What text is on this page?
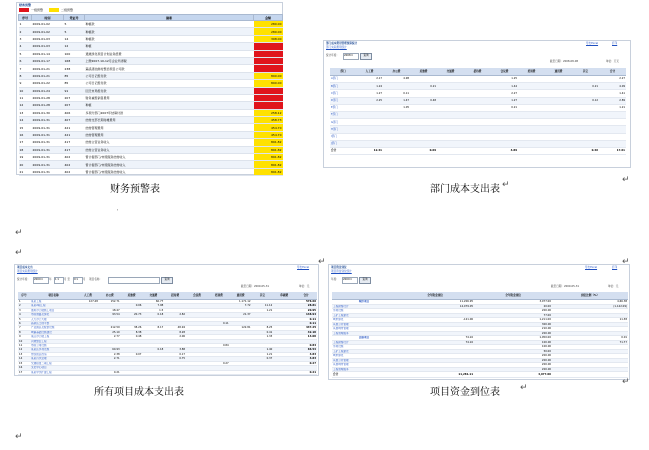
财务预警
一级预警	二级预警
序号	时间	凭证号	摘要	金额
1	2009-01-02	5	种植款	280.00
2	2009-01-02	5	种植款	280.00
3	2009-01-03	14	种植款	398.00
4	2009-01-03	12	种植	
5	2009-01-14	100	通道绿化项目计划业务经费	
6	2009-01-17	168	上缴2007.10-12月企业所得税	
7	2009-01-21	238	慈溪清池港村整治项目公司款	
8	2009-01-21	85	公司日记组付款	890.00
9	2009-01-22	85	公司日记组付款	890.00
10	2009-01-24	91	回迁市局组付款	
11	2009-01-28	207	财务重组销售费用	
12	2009-01-28	207	种植	
13	2009-01-30	406	多项分部门2007年结算付款	258.12
14	2009-01-31	407	结转支部长期待摊费用	458.73
15	2009-01-31	421	结转管理费用	454.70
16	2009-01-31	421	结转管理费用	454.70
17	2009-01-31	417	结转主营业务收入	891.82
18	2009-01-31	417	结转主营业务收入	891.82
19	2009-01-31	402	暂计提部门/市级服务结转收入	891.82
20	2009-01-31	402	暂计提部门/市级服务结转收入	891.82
21	2009-01-31	402	暂计提部门/市级服务结转收入	891.82
部门成本费用管理预算统计
部门实际费用统计
导出Excel	打印
统计年度：	2008 ▾	查询
截至日期：2008-08-08	单位：万元
部门	人工费	办公费	差旅费	交通费	招待费	会议费	培训费	通讯费	其它	合计
A部门	2.17	4.98				1.25				2.27
B部门	1.24		0.21			1.44			0.21	4.09
C部门	1.27	0.11				2.27				1.41
D部门	2.25	1.47	0.48			1.27			0.12	2.89
E部门		1.05				0.21				1.21
F部门										
G部门										
H部门										
I部门										
J部门										
合计	12.41		0.69			4.89			0.46	17.61
项目成本支出
项目实际费用统计
导出Excel
统计年度：	2009 ▾	年	1 ▾	月 至	9 ▾	月 项目名称：	查询
截至日期：2009-05-31	单位：元
序号	项目名称	人工费	办公费	差旅费	交通费	招待费	会议费	培训费	通讯费	其它	印刷费	合计
1	某某工程	127.48	152.71		60.77				1,171.12			576.60
2	某某2期工程			0.06	7.98				7.72	11.12		28.81
3	通用办公楼施工项目		18.47		1.5					1.21		20.95
4	市政道路及绿化		93.54	20.73	0.18	2.82			21.37			148.94
5	人大办公大楼											0.11
6	高新区土地平整							0.11				0.11
7	产业园区及配套设施		212.59	38.26	8.17	48.94			122.81	8.25		447.25
8	城镇基础设施建设		25.10	8.38		8.28				0.41		42.18
9	某区办公楼工程		2.77	0.48		2.06				1.33		13.08
10	河道整治工程											
11	市政公用设施							0.84				0.84
12	某某区水利设施		60.93		0.18	3.88				1.40		66.54
13	传统街区改造		2.38	0.07		0.17				1.21		3.83
14	某某污水处理		2.71			0.75				0.37		3.83
15	交通枢纽二期工程							0.27				0.27
16	文化中心项目											
17	某某中学扩建工程		0.21									0.21
项目资金到位
项目资金到位统计
导出Excel	打印
年度：	2009 ▾	查询
截至日期：2009-05-31	单位：元
	全年资金到位	全年资金到位	到位比例（%）
城市项目	11,206.95	3,077.00	4,66.38
工程勘察设计	14,079.05	20.00	(1,142.09)
水利设施		200.00	
工矿工程建设		77.00	
城市绿化	-121.06	1,211.00	11.38
其他公共管理		300.00	
其他城市管理		210.00	
工程管理服务		200.00	
县镇项目	74.16	1,050.00	0.01
工程勘察设计	74.16	100.00	71.77
水利设施		100.00	
工矿工程建设		50.00	
城市绿化		200.00	
其他公共管理		200.00	
其他城市管理		200.00	
工程管理服务		200.00	
合计	11,281.11	4,077.00	
财务预警表	部门成本支出表 ↵
'
↵
↵
↵
所有项目成本支出表	项目资金到位表 ↵
↵
↵
↵
↵
